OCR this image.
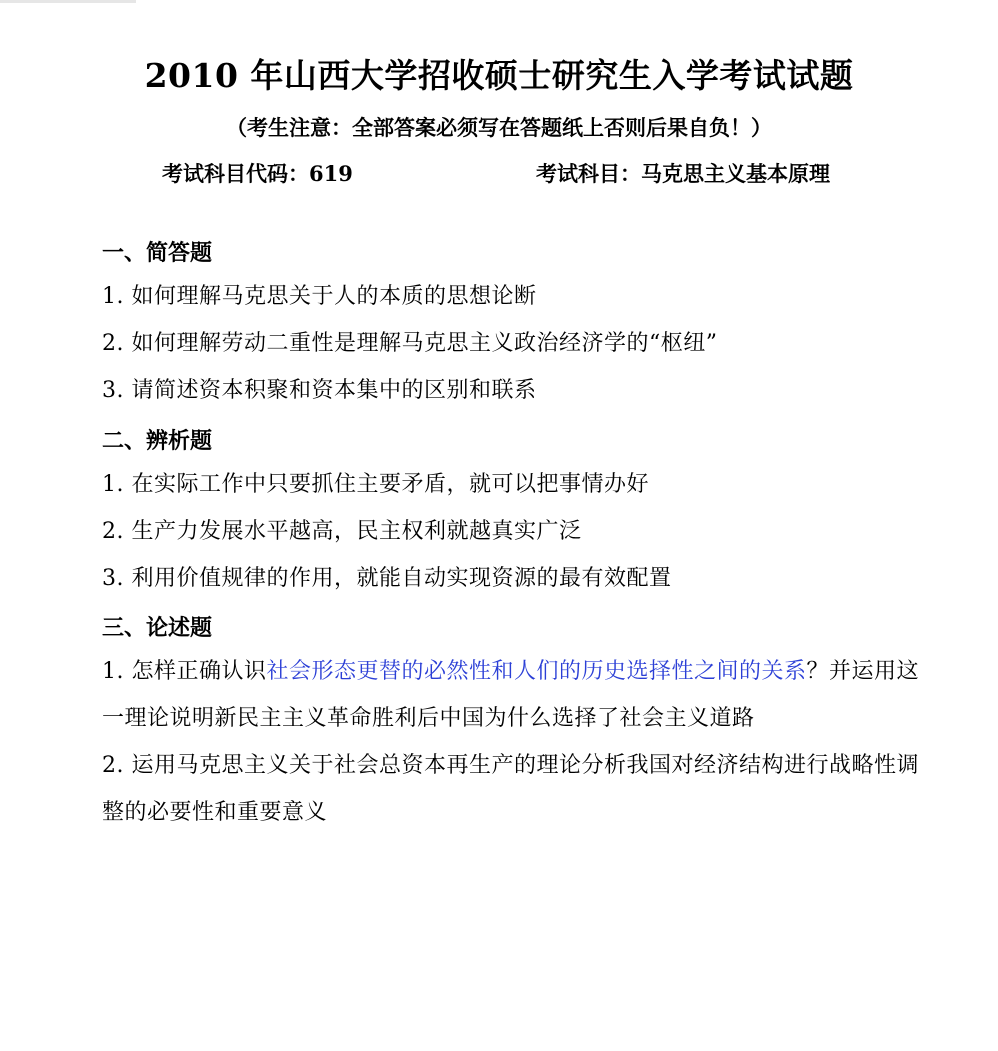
2010 年山西大学招收硕士研究生入学考试试题
（考生注意：全部答案必须写在答题纸上否则后果自负！）
考试科目代码：619	考试科目：马克思主义基本原理
一、简答题
1. 如何理解马克思关于人的本质的思想论断
2. 如何理解劳动二重性是理解马克思主义政治经济学的“枢纽”
3. 请简述资本积聚和资本集中的区别和联系
二、辨析题
1. 在实际工作中只要抓住主要矛盾，就可以把事情办好
2. 生产力发展水平越高，民主权利就越真实广泛
3. 利用价值规律的作用，就能自动实现资源的最有效配置
三、论述题
1. 怎样正确认识社会形态更替的必然性和人们的历史选择性之间的关系？并运用这一理论说明新民主主义革命胜利后中国为什么选择了社会主义道路
2. 运用马克思主义关于社会总资本再生产的理论分析我国对经济结构进行战略性调整的必要性和重要意义
